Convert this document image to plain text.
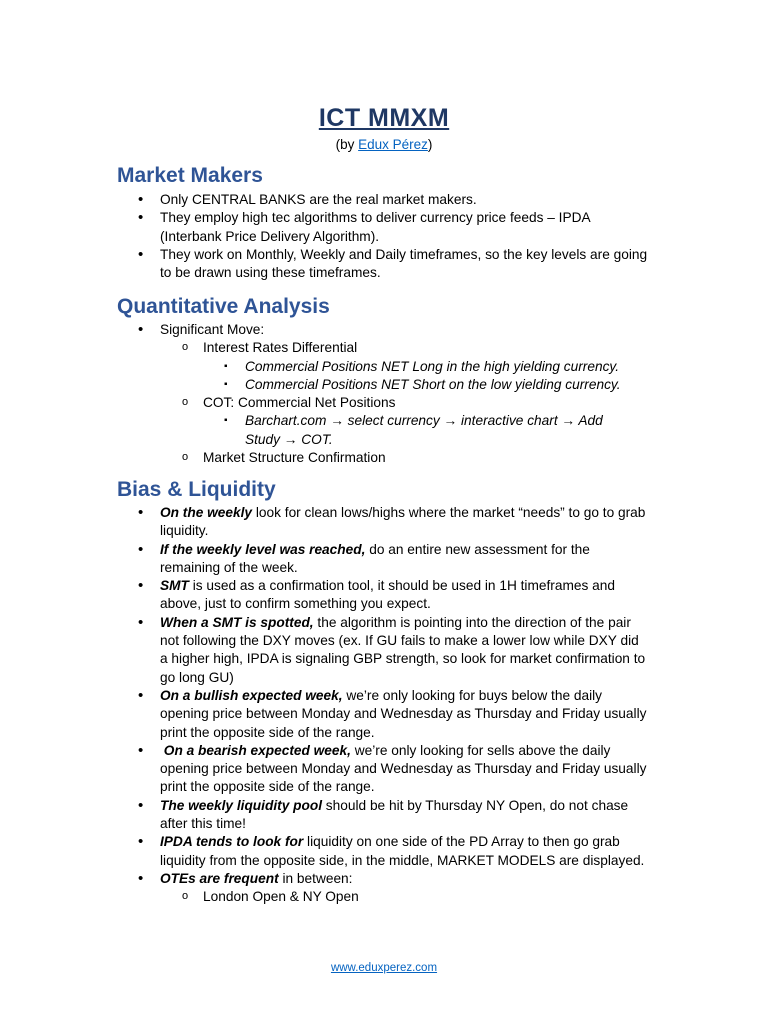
ICT MMXM
(by Edux Pérez)
Market Makers
• Only CENTRAL BANKS are the real market makers.
• They employ high tec algorithms to deliver currency price feeds – IPDA (Interbank Price Delivery Algorithm).
• They work on Monthly, Weekly and Daily timeframes, so the key levels are going to be drawn using these timeframes.
Quantitative Analysis
• Significant Move:
o Interest Rates Differential
▪ Commercial Positions NET Long in the high yielding currency.
▪ Commercial Positions NET Short on the low yielding currency.
o COT: Commercial Net Positions
▪ Barchart.com → select currency → interactive chart → Add Study → COT.
o Market Structure Confirmation
Bias & Liquidity
• On the weekly look for clean lows/highs where the market “needs” to go to grab liquidity.
• If the weekly level was reached, do an entire new assessment for the remaining of the week.
• SMT is used as a confirmation tool, it should be used in 1H timeframes and above, just to confirm something you expect.
• When a SMT is spotted, the algorithm is pointing into the direction of the pair not following the DXY moves (ex. If GU fails to make a lower low while DXY did a higher high, IPDA is signaling GBP strength, so look for market confirmation to go long GU)
• On a bullish expected week, we’re only looking for buys below the daily opening price between Monday and Wednesday as Thursday and Friday usually print the opposite side of the range.
•  On a bearish expected week, we’re only looking for sells above the daily opening price between Monday and Wednesday as Thursday and Friday usually print the opposite side of the range.
• The weekly liquidity pool should be hit by Thursday NY Open, do not chase after this time!
• IPDA tends to look for liquidity on one side of the PD Array to then go grab liquidity from the opposite side, in the middle, MARKET MODELS are displayed.
• OTEs are frequent in between:
o London Open & NY Open
www.eduxperez.com
